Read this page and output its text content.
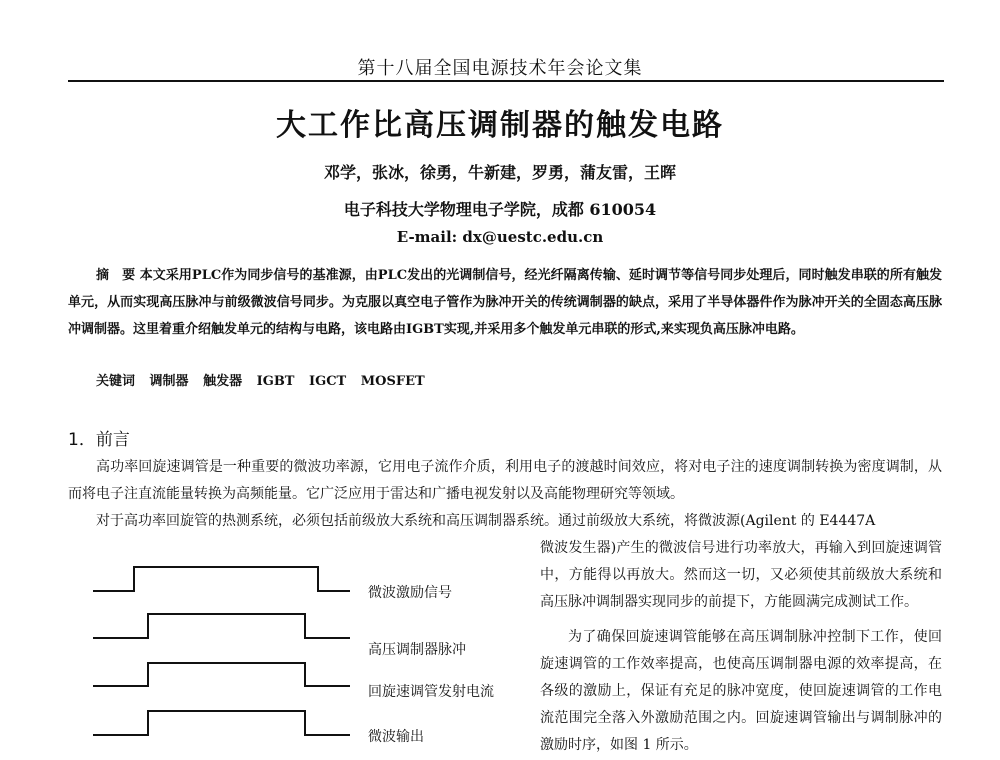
第十八届全国电源技术年会论文集
大工作比高压调制器的触发电路
邓学，张冰，徐勇，牛新建，罗勇，蒲友雷，王晖
电子科技大学物理电子学院，成都 610054
E-mail: dx@uestc.edu.cn
摘　要 本文采用PLC作为同步信号的基准源，由PLC发出的光调制信号，经光纤隔离传输、延时调节等信号同步处理后，同时触发串联的所有触发单元，从而实现高压脉冲与前级微波信号同步。为克服以真空电子管作为脉冲开关的传统调制器的缺点，采用了半导体器件作为脉冲开关的全固态高压脉冲调制器。这里着重介绍触发单元的结构与电路，该电路由IGBT实现,并采用多个触发单元串联的形式,来实现负高压脉冲电路。
关键词 调制器 触发器 IGBT IGCT MOSFET
1．前言
高功率回旋速调管是一种重要的微波功率源，它用电子流作介质，利用电子的渡越时间效应，将对电子注的速度调制转换为密度调制，从而将电子注直流能量转换为高频能量。它广泛应用于雷达和广播电视发射以及高能物理研究等领域。
对于高功率回旋管的热测系统，必须包括前级放大系统和高压调制器系统。通过前级放大系统，将微波源(Agilent 的 E4447A
微波发生器)产生的微波信号进行功率放大，再输入到回旋速调管中，方能得以再放大。然而这一切，又必须使其前级放大系统和高压脉冲调制器实现同步的前提下，方能圆满完成测试工作。
为了确保回旋速调管能够在高压调制脉冲控制下工作，使回旋速调管的工作效率提高，也使高压调制器电源的效率提高，在各级的激励上，保证有充足的脉冲宽度，使回旋速调管的工作电流范围完全落入外激励范围之内。回旋速调管输出与调制脉冲的激励时序，如图 1 所示。
微波激励信号
高压调制器脉冲
回旋速调管发射电流
微波输出
